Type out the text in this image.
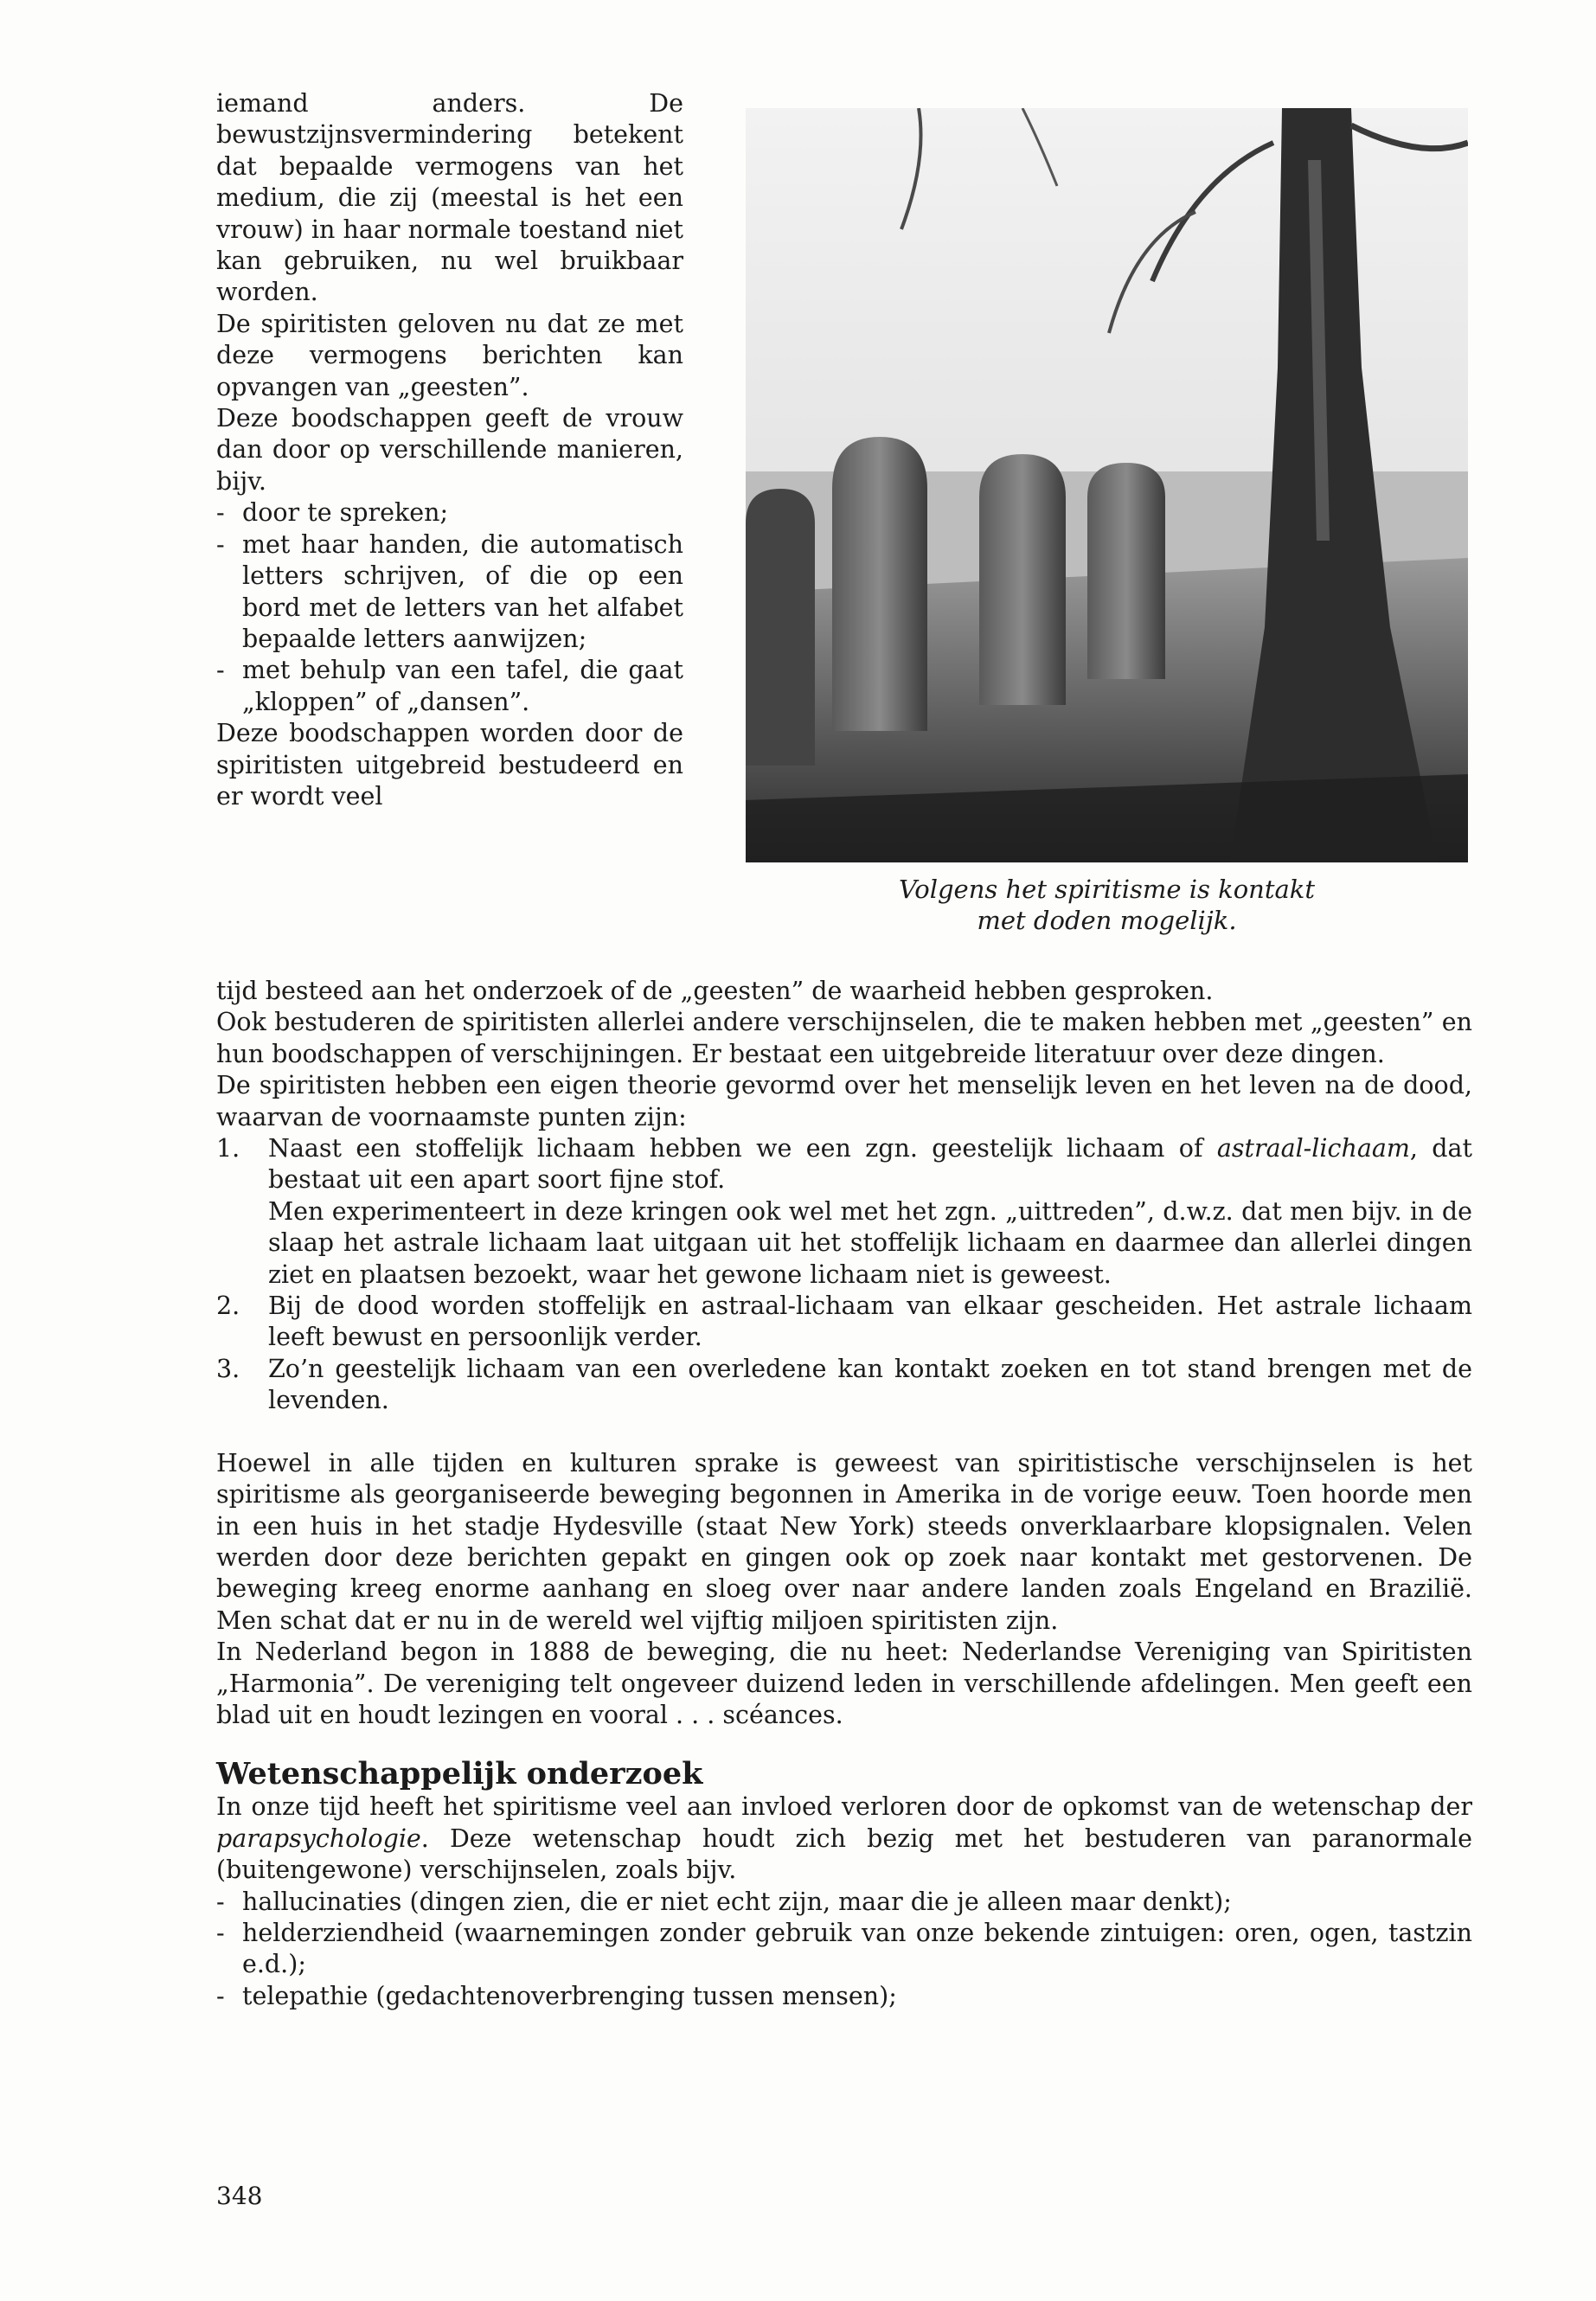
iemand anders. De bewustzijnsvermindering betekent dat bepaalde vermogens van het medium, die zij (meestal is het een vrouw) in haar normale toestand niet kan gebruiken, nu wel bruikbaar worden.

De spiritisten geloven nu dat ze met deze vermogens berichten kan opvangen van „geesten”.

Deze boodschappen geeft de vrouw dan door op verschillende manieren, bijv.

- door te spreken;
- met haar handen, die automatisch letters schrijven, of die op een bord met de letters van het alfabet bepaalde letters aanwijzen;
- met behulp van een tafel, die gaat „kloppen” of „dansen”.

Deze boodschappen worden door de spiritisten uitgebreid bestudeerd en er wordt veel

Volgens het spiritisme is kontakt
met doden mogelijk.

tijd besteed aan het onderzoek of de „geesten” de waarheid hebben gesproken.

Ook bestuderen de spiritisten allerlei andere verschijnselen, die te maken hebben met „geesten” en hun boodschappen of verschijningen. Er bestaat een uitgebreide literatuur over deze dingen.

De spiritisten hebben een eigen theorie gevormd over het menselijk leven en het leven na de dood, waarvan de voornaamste punten zijn:

1. Naast een stoffelijk lichaam hebben we een zgn. geestelijk lichaam of astraal-lichaam, dat bestaat uit een apart soort fijne stof.
Men experimenteert in deze kringen ook wel met het zgn. „uittreden”, d.w.z. dat men bijv. in de slaap het astrale lichaam laat uitgaan uit het stoffelijk lichaam en daarmee dan allerlei dingen ziet en plaatsen bezoekt, waar het gewone lichaam niet is geweest.
2. Bij de dood worden stoffelijk en astraal-lichaam van elkaar gescheiden. Het astrale lichaam leeft bewust en persoonlijk verder.
3. Zo’n geestelijk lichaam van een overledene kan kontakt zoeken en tot stand brengen met de levenden.

Hoewel in alle tijden en kulturen sprake is geweest van spiritistische verschijnselen is het spiritisme als georganiseerde beweging begonnen in Amerika in de vorige eeuw. Toen hoorde men in een huis in het stadje Hydesville (staat New York) steeds onverklaarbare klopsignalen. Velen werden door deze berichten gepakt en gingen ook op zoek naar kontakt met gestorvenen. De beweging kreeg enorme aanhang en sloeg over naar andere landen zoals Engeland en Brazilië. Men schat dat er nu in de wereld wel vijftig miljoen spiritisten zijn.

In Nederland begon in 1888 de beweging, die nu heet: Nederlandse Vereniging van Spiritisten „Harmonia”. De vereniging telt ongeveer duizend leden in verschillende afdelingen. Men geeft een blad uit en houdt lezingen en vooral . . . scéances.

Wetenschappelijk onderzoek

In onze tijd heeft het spiritisme veel aan invloed verloren door de opkomst van de wetenschap der parapsychologie. Deze wetenschap houdt zich bezig met het bestuderen van paranormale (buitengewone) verschijnselen, zoals bijv.

- hallucinaties (dingen zien, die er niet echt zijn, maar die je alleen maar denkt);
- helderziendheid (waarnemingen zonder gebruik van onze bekende zintuigen: oren, ogen, tastzin e.d.);
- telepathie (gedachtenoverbrenging tussen mensen);
348
